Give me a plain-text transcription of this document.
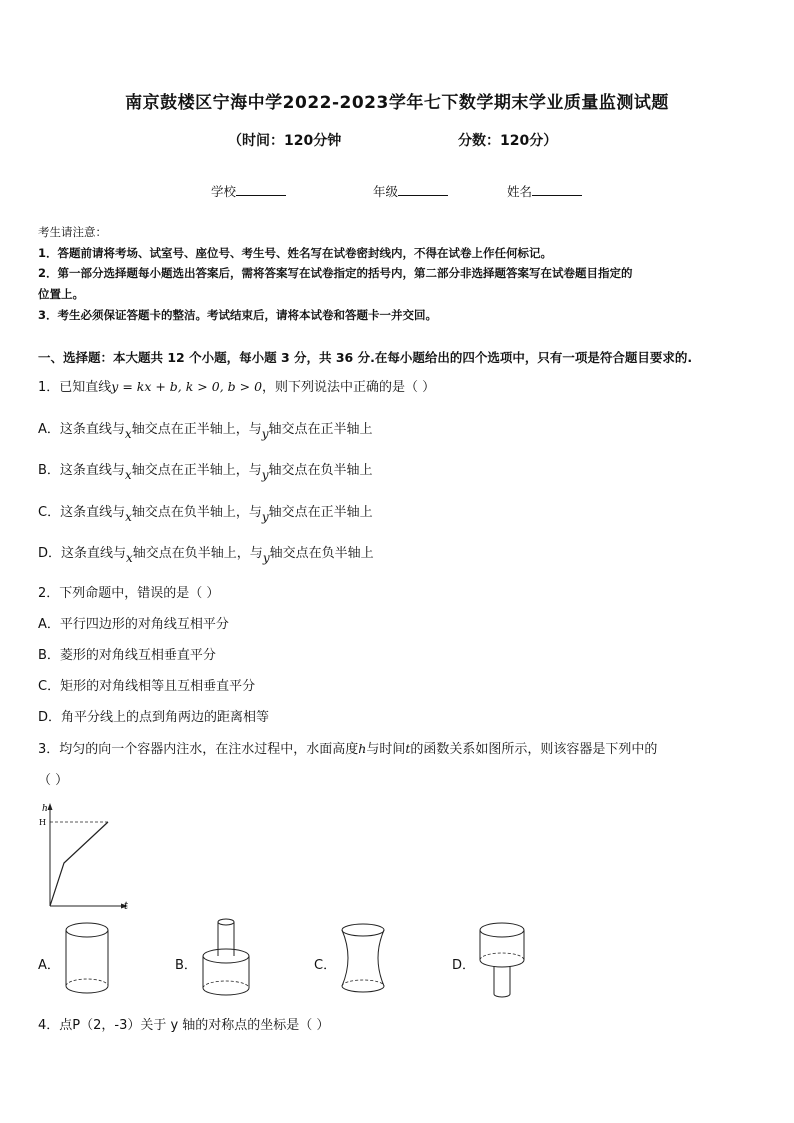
南京鼓楼区宁海中学2022-2023学年七下数学期末学业质量监测试题
（时间：120分钟	分数：120分）
学校	年级	姓名
考生请注意：
1．答题前请将考场、试室号、座位号、考生号、姓名写在试卷密封线内，不得在试卷上作任何标记。
2．第一部分选择题每小题选出答案后，需将答案写在试卷指定的括号内，第二部分非选择题答案写在试卷题目指定的
位置上。
3．考生必须保证答题卡的整洁。考试结束后，请将本试卷和答题卡一并交回。
一、选择题：本大题共 12 个小题，每小题 3 分，共 36 分.在每小题给出的四个选项中，只有一项是符合题目要求的.
1．已知直线y = kx + b, k > 0, b > 0，则下列说法中正确的是（ ）
A．这条直线与x轴交点在正半轴上，与y轴交点在正半轴上
B．这条直线与x轴交点在正半轴上，与y轴交点在负半轴上
C．这条直线与x轴交点在负半轴上，与y轴交点在正半轴上
D．这条直线与x轴交点在负半轴上，与y轴交点在负半轴上
2．下列命题中，错误的是（ ）
A．平行四边形的对角线互相平分
B．菱形的对角线互相垂直平分
C．矩形的对角线相等且互相垂直平分
D．角平分线上的点到角两边的距离相等
3．均匀的向一个容器内注水，在注水过程中，水面高度h与时间t的函数关系如图所示，则该容器是下列中的
（ ）
h
H
t
A．	B．	C．	D．
4．点P（2，-3）关于 y 轴的对称点的坐标是（ ）
